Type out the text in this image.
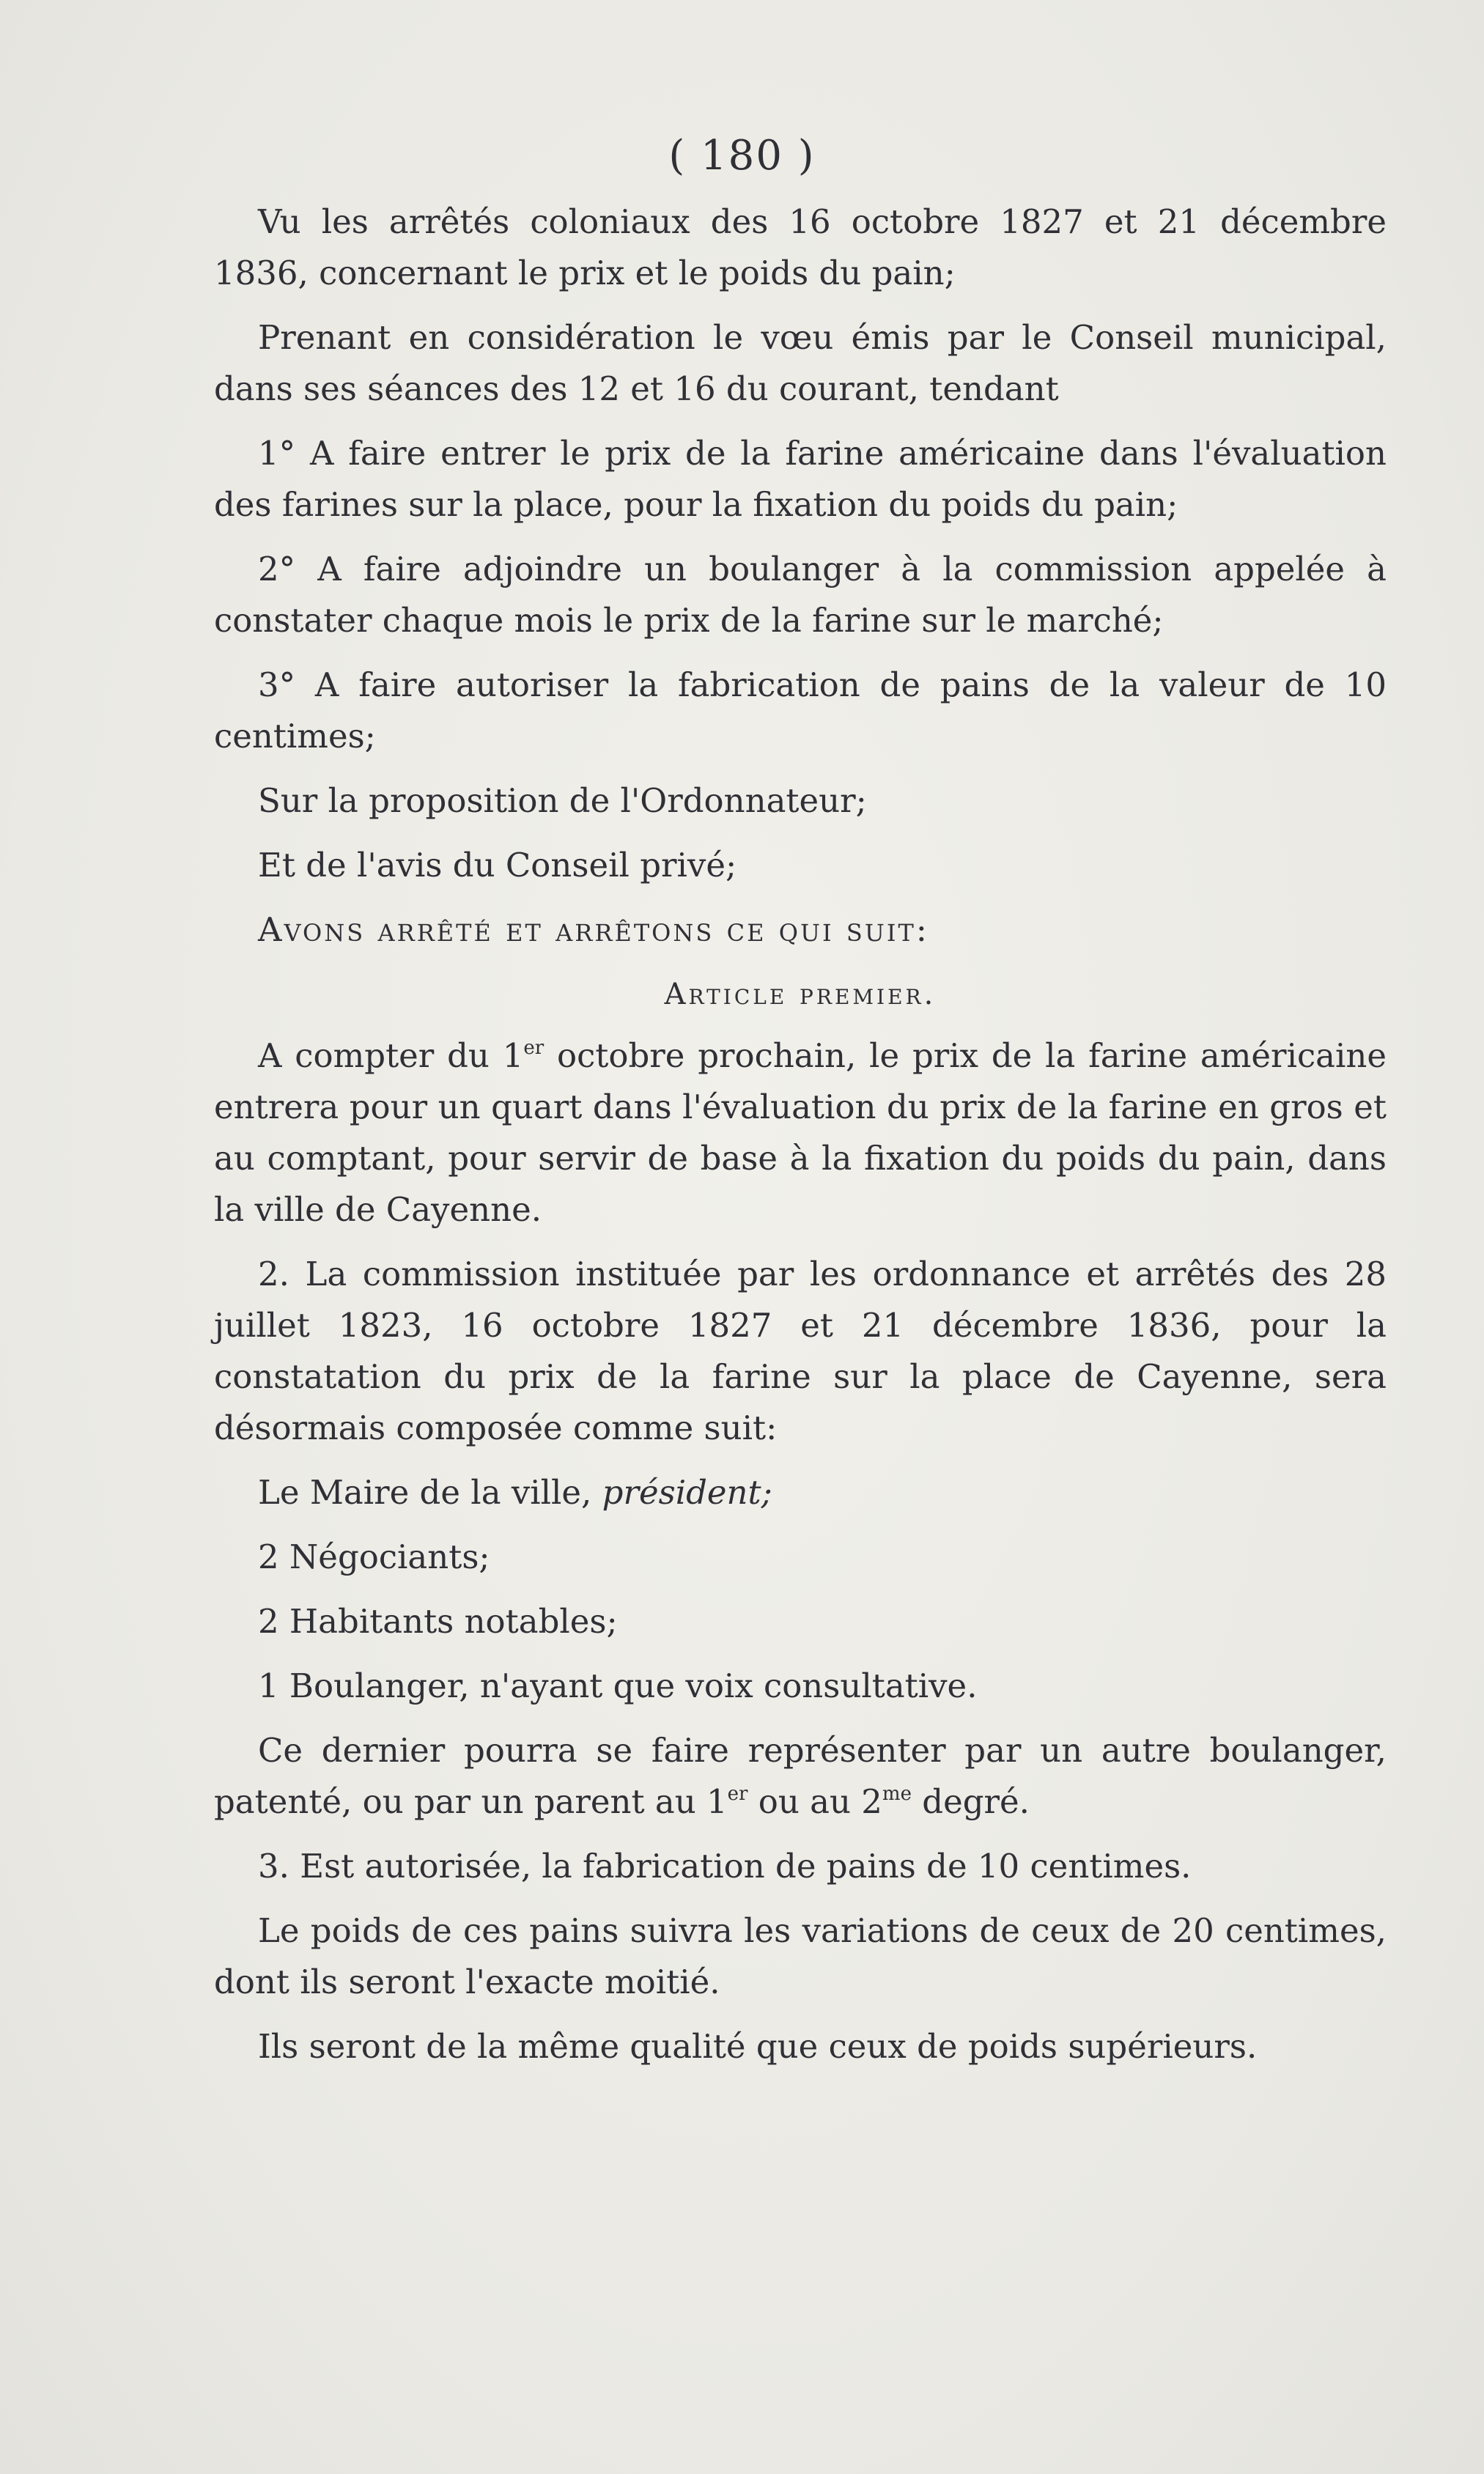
( 180 )

Vu les arrêtés coloniaux des 16 octobre 1827 et 21 décembre 1836, concernant le prix et le poids du pain;

Prenant en considération le vœu émis par le Conseil municipal, dans ses séances des 12 et 16 du courant, tendant

1° A faire entrer le prix de la farine américaine dans l'évaluation des farines sur la place, pour la fixation du poids du pain;

2° A faire adjoindre un boulanger à la commission appelée à constater chaque mois le prix de la farine sur le marché;

3° A faire autoriser la fabrication de pains de la valeur de 10 centimes;

Sur la proposition de l'Ordonnateur;

Et de l'avis du Conseil privé;

Avons arrêté et arrêtons ce qui suit:

Article premier.

A compter du 1er octobre prochain, le prix de la farine américaine entrera pour un quart dans l'évaluation du prix de la farine en gros et au comptant, pour servir de base à la fixation du poids du pain, dans la ville de Cayenne.

2. La commission instituée par les ordonnance et arrêtés des 28 juillet 1823, 16 octobre 1827 et 21 décembre 1836, pour la constatation du prix de la farine sur la place de Cayenne, sera désormais composée comme suit:

Le Maire de la ville, président;

2 Négociants;

2 Habitants notables;

1 Boulanger, n'ayant que voix consultative.

Ce dernier pourra se faire représenter par un autre boulanger, patenté, ou par un parent au 1er ou au $2^{me}$ degré.

3. Est autorisée, la fabrication de pains de 10 centimes.

Le poids de ces pains suivra les variations de ceux de 20 centimes, dont ils seront l'exacte moitié.

Ils seront de la même qualité que ceux de poids supérieurs.
